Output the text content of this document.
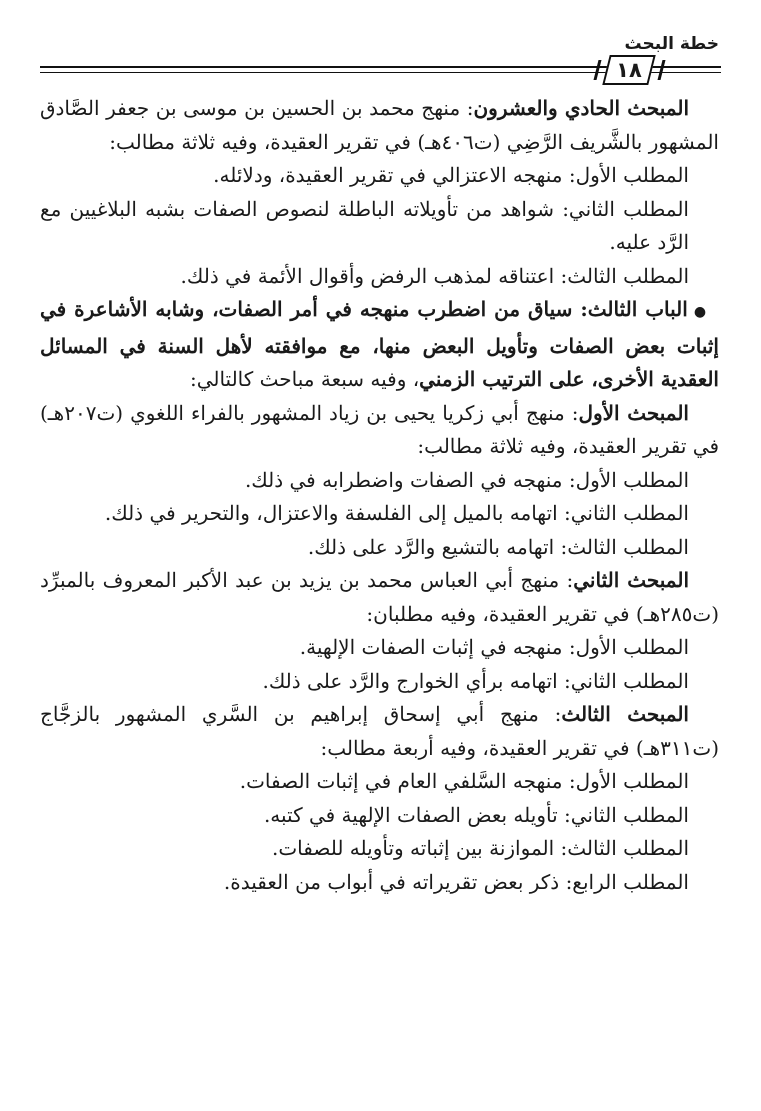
خطة البحث
١٨

المبحث الحادي والعشرون: منهج محمد بن الحسين بن موسى بن جعفر الصَّادق المشهور بالشَّريف الرَّضِي (ت٤٠٦هـ) في تقرير العقيدة، وفيه ثلاثة مطالب:

المطلب الأول: منهجه الاعتزالي في تقرير العقيدة، ودلائله.

المطلب الثاني: شواهد من تأويلاته الباطلة لنصوص الصفات بشبه البلاغيين مع الرَّد عليه.

المطلب الثالث: اعتناقه لمذهب الرفض وأقوال الأئمة في ذلك.

●الباب الثالث: سياق من اضطرب منهجه في أمر الصفات، وشابه الأشاعرة في إثبات بعض الصفات وتأويل البعض منها، مع موافقته لأهل السنة في المسائل العقدية الأخرى، على الترتيب الزمني، وفيه سبعة مباحث كالتالي:

المبحث الأول: منهج أبي زكريا يحيى بن زياد المشهور بالفراء اللغوي (ت٢٠٧هـ) في تقرير العقيدة، وفيه ثلاثة مطالب:

المطلب الأول: منهجه في الصفات واضطرابه في ذلك.

المطلب الثاني: اتهامه بالميل إلى الفلسفة والاعتزال، والتحرير في ذلك.

المطلب الثالث: اتهامه بالتشيع والرَّد على ذلك.

المبحث الثاني: منهج أبي العباس محمد بن يزيد بن عبد الأكبر المعروف بالمبرِّد (ت٢٨٥هـ) في تقرير العقيدة، وفيه مطلبان:

المطلب الأول: منهجه في إثبات الصفات الإلهية.

المطلب الثاني: اتهامه برأي الخوارج والرَّد على ذلك.

المبحث الثالث: منهج أبي إسحاق إبراهيم بن السَّري المشهور بالزجَّاج (ت٣١١هـ) في تقرير العقيدة، وفيه أربعة مطالب:

المطلب الأول: منهجه السَّلفي العام في إثبات الصفات.

المطلب الثاني: تأويله بعض الصفات الإلهية في كتبه.

المطلب الثالث: الموازنة بين إثباته وتأويله للصفات.

المطلب الرابع: ذكر بعض تقريراته في أبواب من العقيدة.
